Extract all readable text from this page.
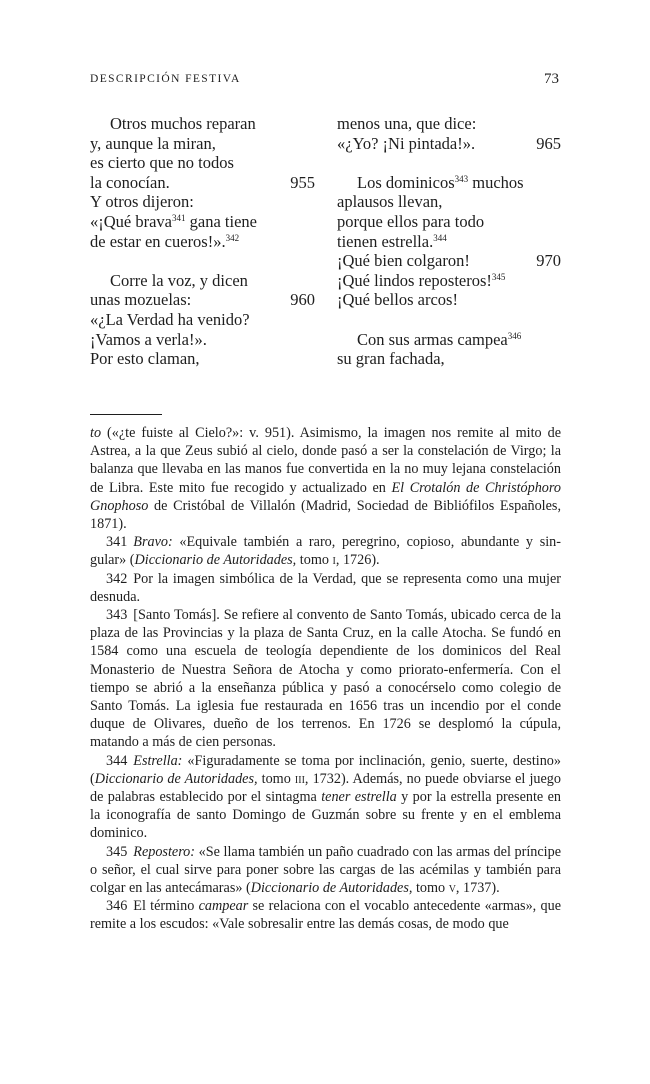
DESCRIPCIÓN FESTIVA	73
Otros muchos reparan
y, aunque la miran,
es cierto que no todos
la conocían.	955
Y otros dijeron:
«¡Qué brava$^{341}$ gana tiene
de estar en cueros!».$^{342}$
Corre la voz, y dicen
unas mozuelas:	960
«¿La Verdad ha venido?
¡Vamos a verla!».
Por esto claman,
menos una, que dice:
«¿Yo? ¡Ni pintada!».	965
Los dominicos$^{343}$ muchos
aplausos llevan,
porque ellos para todo
tienen estrella.$^{344}$
¡Qué bien colgaron!	970
¡Qué lindos reposteros!$^{345}$
¡Qué bellos arcos!
Con sus armas campea$^{346}$
su gran fachada,

to («¿te fuiste al Cielo?»: v. 951). Asimismo, la imagen nos remite al mito de Astrea, a la que Zeus subió al cielo, donde pasó a ser la constelación de Virgo; la balanza que llevaba en las manos fue convertida en la no muy lejana constelación de Libra. Este mito fue recogido y actualizado en El Crotalón de Christóphoro Gnophoso de Cristóbal de Villalón (Madrid, Sociedad de Bibliófilos Españoles, 1871).

341 Bravo: «Equivale también a raro, peregrino, copioso, abundante y singular» (Diccionario de Autoridades, tomo i, 1726).

342 Por la imagen simbólica de la Verdad, que se representa como una mujer desnuda.

343 [Santo Tomás]. Se refiere al convento de Santo Tomás, ubicado cerca de la plaza de las Provincias y la plaza de Santa Cruz, en la calle Atocha. Se fundó en 1584 como una escuela de teología dependiente de los dominicos del Real Monasterio de Nuestra Señora de Atocha y como priorato-enfermería. Con el tiempo se abrió a la enseñanza pública y pasó a conocérselo como colegio de Santo Tomás. La iglesia fue restaurada en 1656 tras un incendio por el conde duque de Olivares, dueño de los terrenos. En 1726 se desplomó la cúpula, matando a más de cien personas.

344 Estrella: «Figuradamente se toma por inclinación, genio, suerte, destino» (Diccionario de Autoridades, tomo iii, 1732). Además, no puede obviarse el juego de palabras establecido por el sintagma tener estrella y por la estrella presente en la iconografía de santo Domingo de Guzmán sobre su frente y en el emblema dominico.

345 Repostero: «Se llama también un paño cuadrado con las armas del príncipe o señor, el cual sirve para poner sobre las cargas de las acémilas y también para colgar en las antecámaras» (Diccionario de Autoridades, tomo v, 1737).

346 El término campear se relaciona con el vocablo antecedente «armas», que remite a los escudos: «Vale sobresalir entre las demás cosas, de modo que
